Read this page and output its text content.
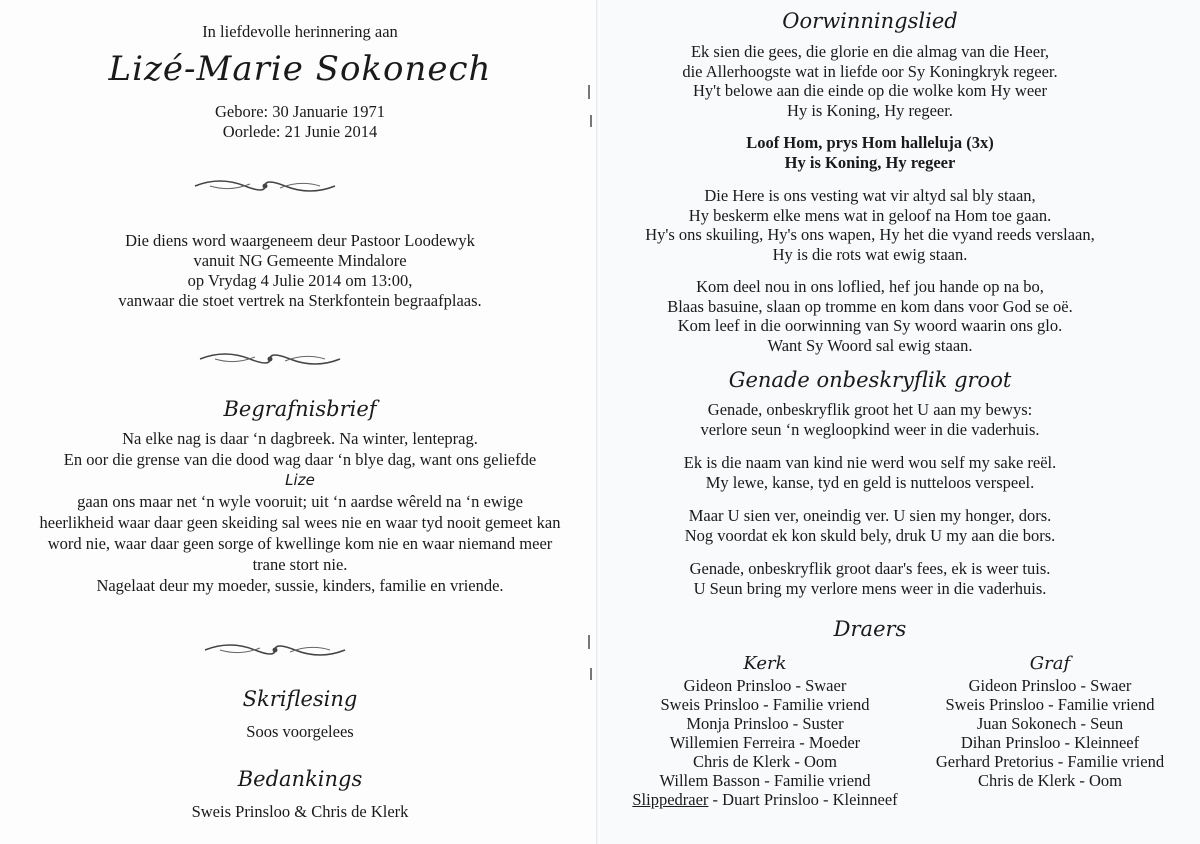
In liefdevolle herinnering aan
Lizé-Marie Sokonech
Gebore: 30 Januarie 1971
Oorlede: 21 Junie 2014
Die diens word waargeneem deur Pastoor Loodewyk
vanuit NG Gemeente Mindalore
op Vrydag 4 Julie 2014 om 13:00,
vanwaar die stoet vertrek na Sterkfontein begraafplaas.
Begrafnisbrief
Na elke nag is daar ‘n dagbreek. Na winter, lenteprag.
En oor die grense van die dood wag daar ‘n blye dag, want ons geliefde
Lize
gaan ons maar net ‘n wyle vooruit; uit ‘n aardse wêreld na ‘n ewige
heerlikheid waar daar geen skeiding sal wees nie en waar tyd nooit gemeet kan
word nie, waar daar geen sorge of kwellinge kom nie en waar niemand meer
trane stort nie.
Nagelaat deur my moeder, sussie, kinders, familie en vriende.
Skriflesing
Soos voorgelees
Bedankings
Sweis Prinsloo & Chris de Klerk
Oorwinningslied
Ek sien die gees, die glorie en die almag van die Heer,
die Allerhoogste wat in liefde oor Sy Koningkryk regeer.
Hy't belowe aan die einde op die wolke kom Hy weer
Hy is Koning, Hy regeer.
Loof Hom, prys Hom halleluja (3x)
Hy is Koning, Hy regeer
Die Here is ons vesting wat vir altyd sal bly staan,
Hy beskerm elke mens wat in geloof na Hom toe gaan.
Hy's ons skuiling, Hy's ons wapen, Hy het die vyand reeds verslaan,
Hy is die rots wat ewig staan.
Kom deel nou in ons loflied, hef jou hande op na bo,
Blaas basuine, slaan op tromme en kom dans voor God se oë.
Kom leef in die oorwinning van Sy woord waarin ons glo.
Want Sy Woord sal ewig staan.
Genade onbeskryflik groot
Genade, onbeskryflik groot het U aan my bewys:
verlore seun ‘n wegloopkind weer in die vaderhuis.
Ek is die naam van kind nie werd wou self my sake reël.
My lewe, kanse, tyd en geld is nutteloos verspeel.
Maar U sien ver, oneindig ver. U sien my honger, dors.
Nog voordat ek kon skuld bely, druk U my aan die bors.
Genade, onbeskryflik groot daar's fees, ek is weer tuis.
U Seun bring my verlore mens weer in die vaderhuis.
Draers
Kerk
Gideon Prinsloo - Swaer
Sweis Prinsloo - Familie vriend
Monja Prinsloo - Suster
Willemien Ferreira - Moeder
Chris de Klerk - Oom
Willem Basson - Familie vriend
Slippedraer - Duart Prinsloo - Kleinneef
Graf
Gideon Prinsloo - Swaer
Sweis Prinsloo - Familie vriend
Juan Sokonech - Seun
Dihan Prinsloo - Kleinneef
Gerhard Pretorius - Familie vriend
Chris de Klerk - Oom
